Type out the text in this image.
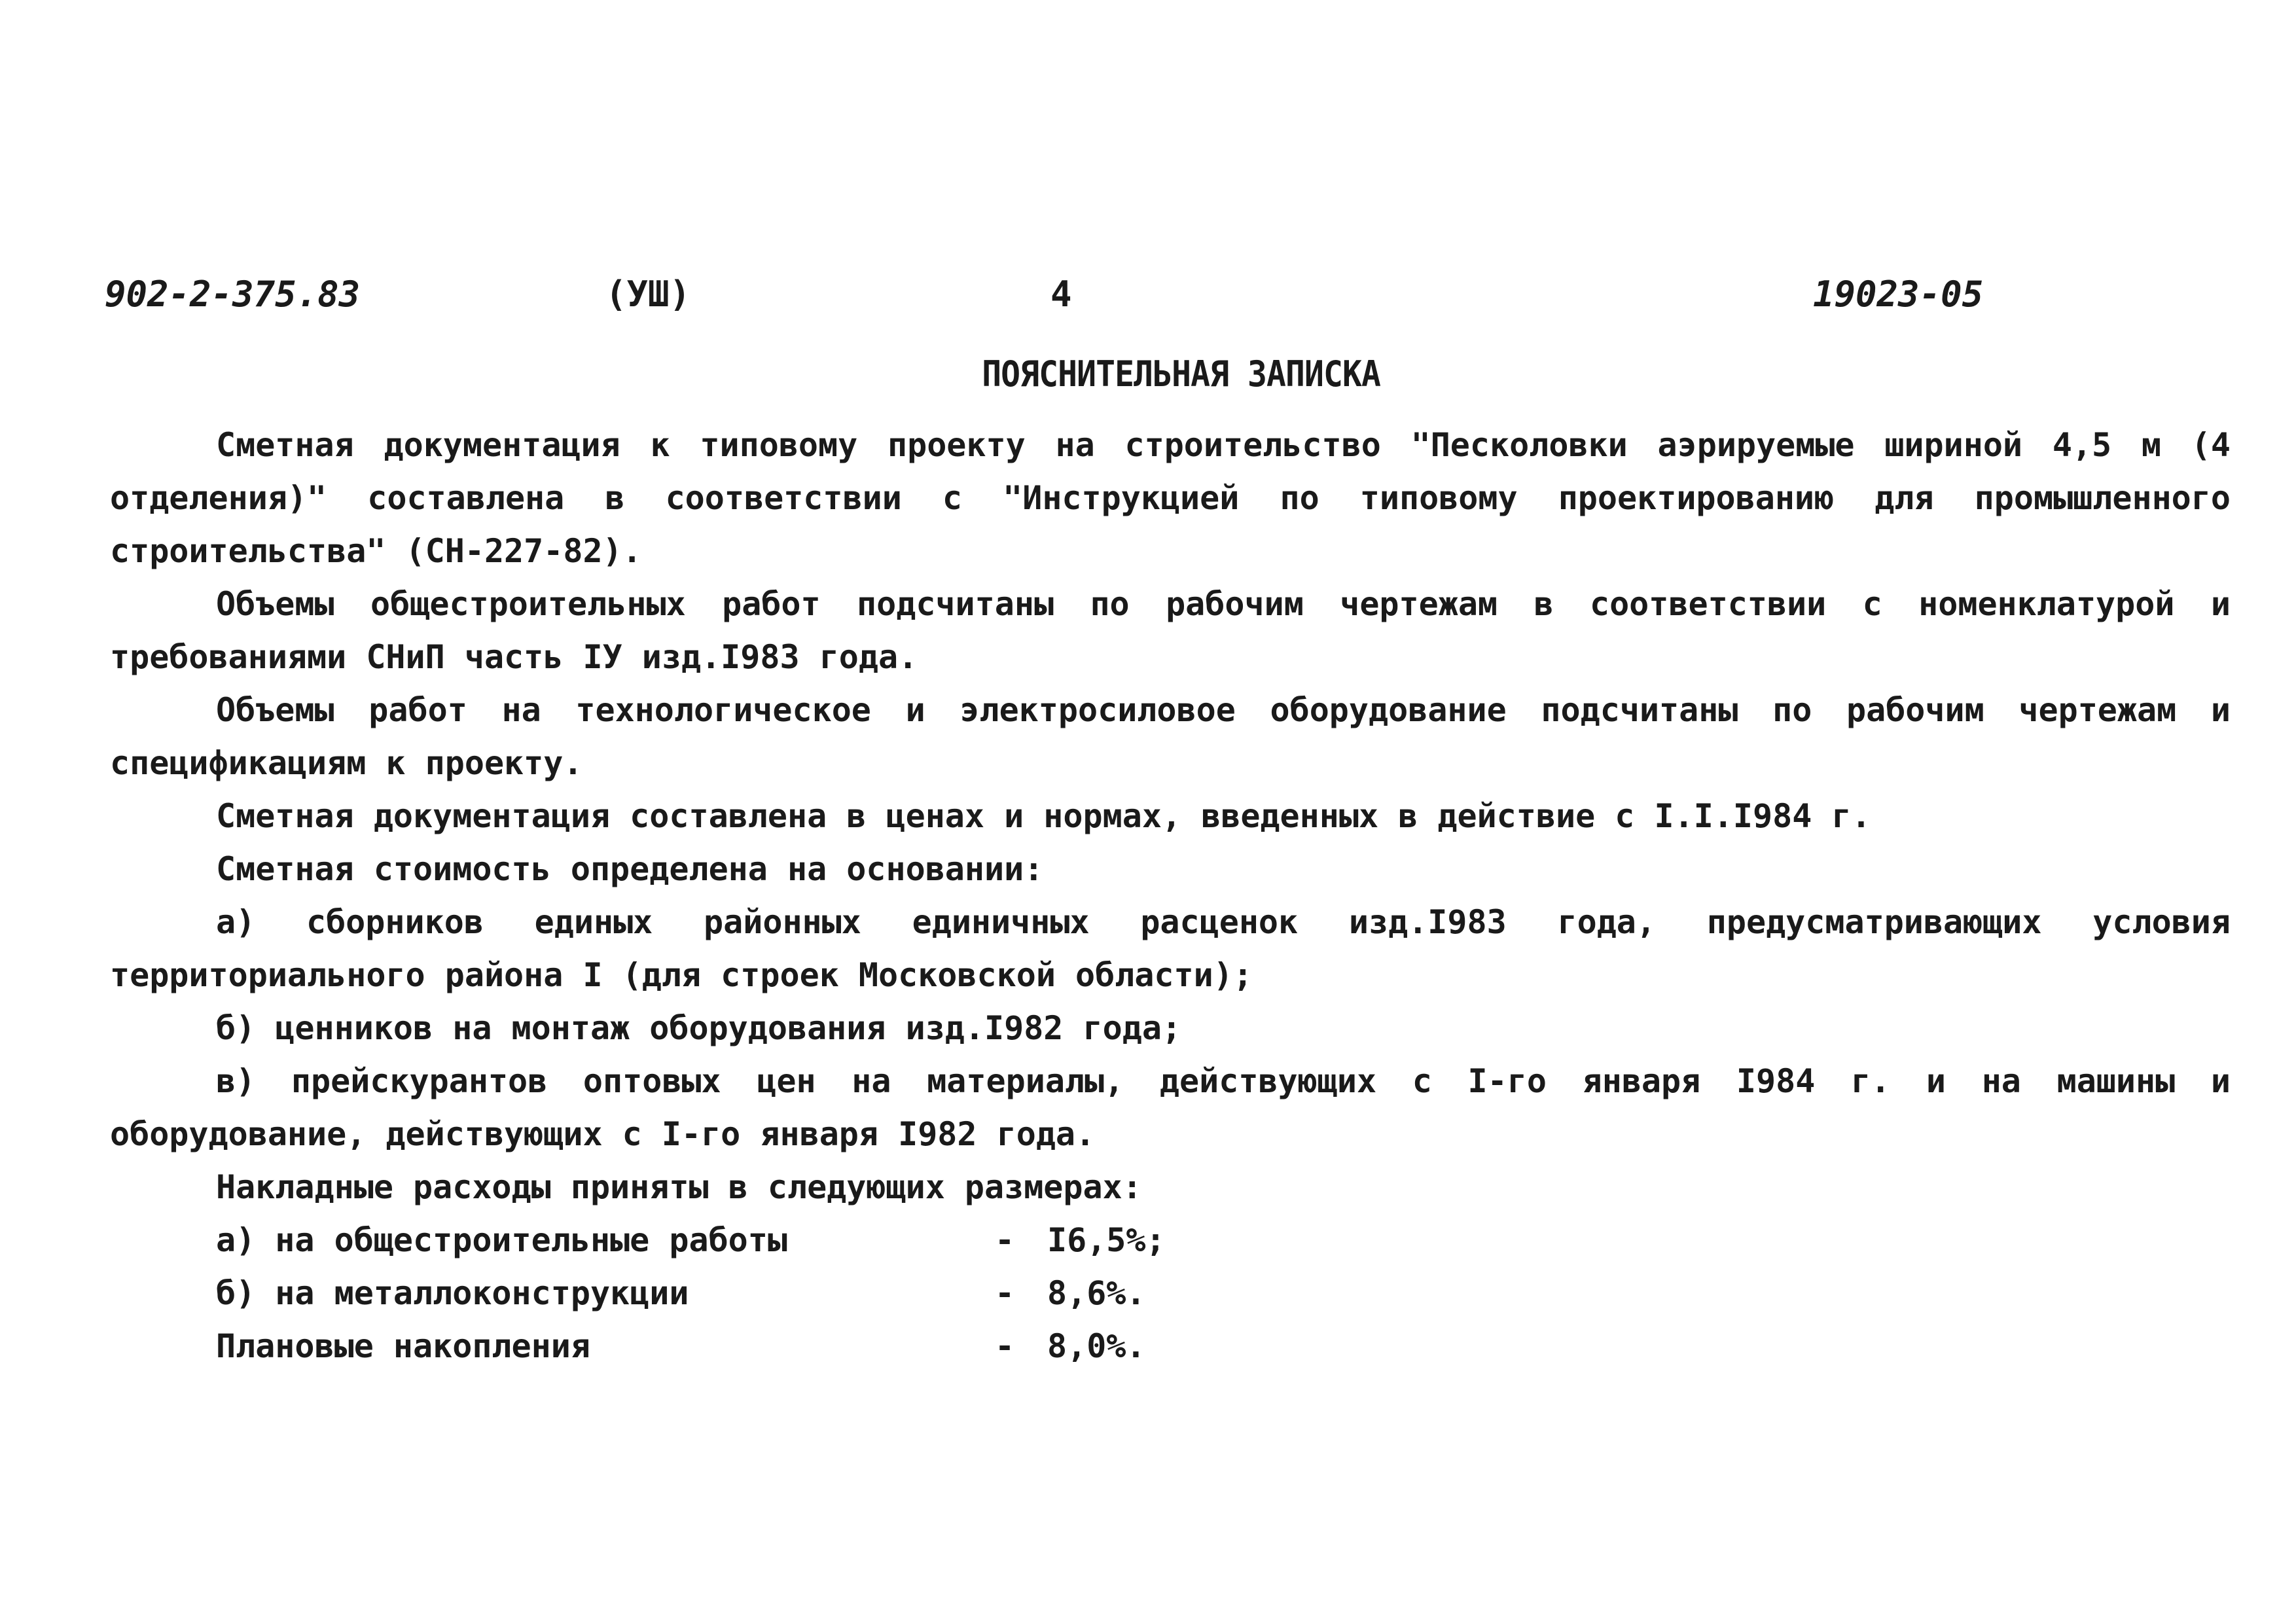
902-2-375.83	(УШ)	4	19023-05
ПОЯСНИТЕЛЬНАЯ ЗАПИСКА

Сметная документация к типовому проекту на строительство "Песколовки аэрируемые шириной 4,5 м (4 отделения)" составлена в соответствии с "Инструкцией по типовому проектированию для промышленного строительства" (СН-227-82).

Объемы общестроительных работ подсчитаны по рабочим чертежам в соответствии с номенклатурой и требованиями СНиП часть IУ изд.I983 года.

Объемы работ на технологическое и электросиловое оборудование подсчитаны по рабочим чертежам и спецификациям к проекту.

Сметная документация составлена в ценах и нормах, введенных в действие с I.I.I984 г.

Сметная стоимость определена на основании:

а) сборников единых районных единичных расценок изд.I983 года, предусматривающих условия территориального района I (для строек Московской области);

б) ценников на монтаж оборудования изд.I982 года;

в) прейскурантов оптовых цен на материалы, действующих с I-го января I984 г. и на машины и оборудование, действующих с I-го января I982 года.

Накладные расходы приняты в следующих размерах:

а) на общестроительные работы	- I6,5%;
б) на металлоконструкции	- 8,6%.
Плановые накопления	- 8,0%.
